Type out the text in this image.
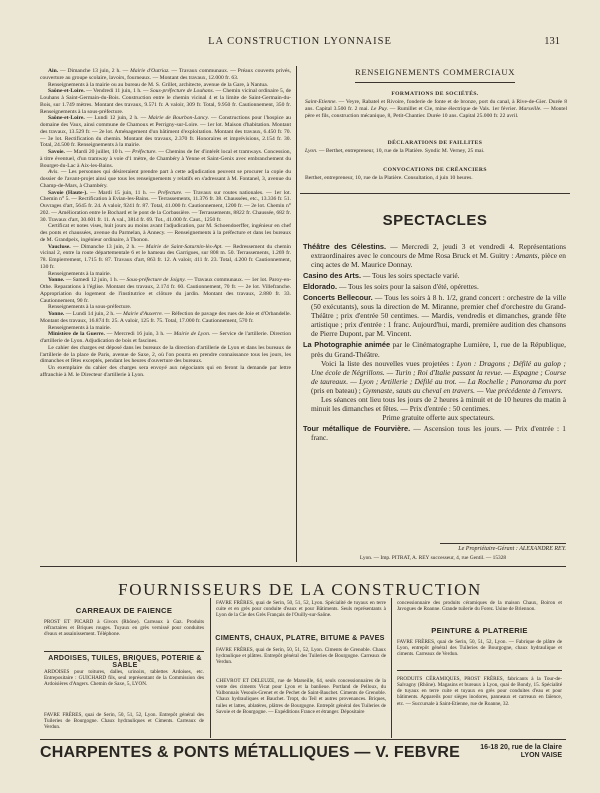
LA CONSTRUCTION LYONNAISE	131

Ain. — Dimanche 13 juin, 2 h. — Mairie d'Outriaz. — Travaux communaux. — Préaux couverts privés, couverture au groupe scolaire, lavoirs, fourneaux. — Montant des travaux, 12.000 fr. 63.

Renseignements à la mairie ou au bureau de M. S. Grillet, architecte, avenue de la Gare, à Nantua.

Saône-et-Loire. — Vendredi 11 juin, 1 h. — Sous-préfecture de Louhans. — Chemin vicinal ordinaire 5, de Louhans à Saint-Germain-du-Bois. Construction entre le chemin vicinal 4 et la limite de Saint-Germain-du-Bois, sur 1.749 mètres. Montant des travaux, 9.571 fr. A valoir, 309 fr. Total, 9.950 fr. Cautionnement, 350 fr. Renseignements à la sous-préfecture.

Saône-et-Loire. — Lundi 12 juin, 2 h. — Mairie de Bourbon-Lancy. — Constructions pour l'hospice au domaine des Vaux, ainsi commune de Chamoux et Perrigny-sur-Loire. — 1er lot. Maison d'habitation. Montant des travaux, 13.529 fr. — 2e lot. Aménagement d'un bâtiment d'exploitation. Montant des travaux, 6.450 fr. 70. — 3e lot. Rectification du chemin. Montant des travaux, 2.370 fr. Honoraires et imprévisions, 2.154 fr. 30. Total, 24.500 fr. Renseignements à la mairie.

Savoie. — Mardi 20 juillet, 10 h. — Préfecture. — Chemins de fer d'intérêt local et tramways. Concession, à titre éventuel, d'un tramway à voie d'1 mètre, de Chambéry à Yenne et Saint-Genix avec embranchement du Bourget-du-Lac à Aix-les-Bains.

Avis. — Les personnes qui désireraient prendre part à cette adjudication peuvent se procurer la copie du dossier de l'avant-projet ainsi que tous les renseignements y relatifs en s'adressant à M. Fontanel, 3, avenue du Champ-de-Mars, à Chambéry.

Savoie (Haute-). — Mardi 15 juin, 11 h. — Préfecture. — Travaux sur routes nationales. — 1er lot. Chemin n° 5. — Rectification à Evian-les-Bains. — Terrassements, 11.376 fr. 38. Chaussées, etc., 13.336 fr. 51. Ouvrages d'art, 5645 fr. 24. A valoir, 9241 fr. 87. Total, 41.000 fr. Cautionnement, 1200 fr. — 2e lot. Chemin n° 202. — Amélioration entre le Bochard et le pont de la Corbassière. — Terrassements, 8822 fr. Chaussée, 682 fr. 30. Travaux d'art, 30.601 fr. 11. A val., 3814 fr. 69. Tot., 41.000 fr. Caut., 1250 fr.

Certificat et notes vises, huit jours au moins avant l'adjudication, par M. Schoendoerffer, ingénieur en chef des ponts et chaussées, avenue du Parmelan, à Annecy. — Renseignements à la préfecture et dans les bureaux de M. Grandpeix, ingénieur ordinaire, à Thonon.

Vaucluse. — Dimanche 13 juin, 2 h. — Mairie de Saint-Saturnin-lès-Apt. — Redressement du chemin vicinal 2, entre la route départementale 6 et le hameau des Garrigues, sur 808 m. 50. Terrassements, 1.269 fr. 78. Empierrement, 1.715 fr. 87. Travaux d'art, 863 fr. 12. A valoir, 411 fr. 23. Total, 4.200 fr. Cautionnement, 130 fr.

Renseignements à la mairie.

Yonne. — Samedi 12 juin, 1 h. — Sous-préfecture de Joigny. — Travaux communaux. — 1er lot. Paroy-en-Othe. Reparations à l'église. Montant des travaux, 2.174 fr. 60. Cautionnement, 70 fr. — 2e lot. Villefranche. Appropriation du logement de l'institutrice et clôture du jardin. Montant des travaux, 2.880 fr. 33. Cautionnement, 90 fr.

Renseignements à la sous-préfecture.

Yonne. — Lundi 14 juin, 2 h. — Mairie d'Auxerre. — Réfection de pavage des rues de Joie et d'Orbandelle. Montant des travaux, 16.874 fr. 25. A valoir, 125 fr. 75. Total, 17.000 fr. Cautionnement, 570 fr.

Renseignements à la mairie.

Ministère de la Guerre. — Mercredi 16 juin, 3 h. — Mairie de Lyon. — Service de l'artillerie. Direction d'artillerie de Lyon. Adjudication de bois et fascines.

Le cahier des charges est déposé dans les bureaux de la direction d'artillerie de Lyon et dans les bureaux de l'artillerie de la place de Paris, avenue de Saxe, 2, où l'on pourra en prendre connaissance tous les jours, les dimanches et fêtes exceptés, pendant les heures d'ouverture des bureaux.

Un exemplaire du cahier des charges sera envoyé aux négociants qui en feront la demande par lettre affranchie à M. le Directeur d'artillerie à Lyon.

RENSEIGNEMENTS COMMERCIAUX
FORMATIONS DE SOCIÉTÉS.
Saint-Etienne. — Veyre, Rabatel et Rivoire, fonderie de fonte et de bronze, port du canal, à Rive-de-Gier. Durée 8 ans. Capital 3.500 fr. 2 mai. Le Puy. — Rumillet et Cie, mine électrique de Vals. 1er février. Marseille. — Montel père et fils, construction mécanique, 8, Petit-Chantier. Durée 10 ans. Capital 25.000 fr. 22 avril.
DÉCLARATIONS DE FAILLITES
Lyon. — Berthet, entrepreneur, 10, rue de la Platière. Syndic M. Verney, 25 mai.
CONVOCATIONS DE CRÉANCIERS
Berthet, entrepreneur, 10, rue de la Platière. Consultation, 4 juin 10 heures.
SPECTACLES

Théâtre des Célestins. — Mercredi 2, jeudi 3 et vendredi 4. Représentations extraordinaires avec le concours de Mme Rosa Bruck et M. Guitry : Amants, pièce en cinq actes de M. Maurice Donnay.

Casino des Arts. — Tous les soirs spectacle varié.

Eldorado. — Tous les soirs pour la saison d'été, opérettes.

Concerts Bellecour. — Tous les soirs à 8 h. 1/2, grand concert : orchestre de la ville (50 exécutants), sous la direction de M. Miranne, premier chef d'orchestre du Grand-Théâtre ; prix d'entrée 50 centimes. — Mardis, vendredis et dimanches, grande fête artistique ; prix d'entrée : 1 franc. Aujourd'hui, mardi, première audition des chansons de Pierre Dupont, par M. Vincent.

La Photographie animée par le Cinématographe Lumière, 1, rue de la République, près du Grand-Théâtre.

Voici la liste des nouvelles vues projetées : Lyon : Dragons ; Défilé au galop ; Une école de Négrillons. — Turin ; Roi d'Italie passant la revue. — Espagne ; Course de taureaux. — Lyon ; Artillerie ; Défilé au trot. — La Rochelle ; Panorama du port (pris en bateau) ; Gymnaste, sauts au cheval en travers. — Vue précédente à l'envers.

Les séances ont lieu tous les jours de 2 heures à minuit et de 10 heures du matin à minuit les dimanches et fêtes. — Prix d'entrée : 50 centimes.

Prime gratuite offerte aux spectateurs.

Tour métallique de Fourvière. — Ascension tous les jours. — Prix d'entrée : 1 franc.

Le Propriétaire-Gérant : ALEXANDRE REY.
Lyon. — Imp. PITRAT, A. REY successeur, 4, rue Gentil. — 15328
FOURNISSEURS DE LA CONSTRUCTION
CARREAUX DE FAIENCE
PROST ET PICARD à Givors (Rhône). Carreaux à Gaz. Produits réfractaires et Briques rouges. Tuyaux en grès vernissé pour conduites d'eaux et assainissement. Téléphone.
ARDOISES, TUILES, BRIQUES, POTERIE & SABLE
ARDOISES pour toitures, dalles, urinoirs, tablettes Ardoises, etc. Entrepositaire : GUICHARD fils, seul représentant de la Commission des Ardoisières d'Angers. Chemin de Saxe, 5, LYON.
FAVRE FRÈRES, quai de Serin, 50, 51, 52, Lyon. Entrepôt général des Tuileries de Bourgogne. Chaux hydrauliques et Ciments. Carreaux de Verdun.
FAVRE FRÈRES, quai de Serin, 50, 51, 52, Lyon. Spécialité de tuyaux en terre cuite et en grès pour conduite d'eaux et pour Bâtiments. Seuls représentants à Lyon de la Cie des Grès Français de l'Ouilly-sur-Saône.
CIMENTS, CHAUX, PLATRE, BITUME & PAVES
FAVRE FRÈRES, quai de Serin, 50, 51, 52, Lyon. Ciments de Grenoble. Chaux hydraulique et plâtres. Entrepôt général des Tuileries de Bourgogne. Carreaux de Verdun.
CHEVROT ET DELEUZE, rue de Marseille, 64, seuls concessionnaires de la vente des ciments Vicat pour Lyon et la banlieue. Portland de Pelloux, du Valbonnais Vesouls-Grenet et de Pechet de Saint-Bauchet. Ciments de Grenoble. Chaux hydrauliques et Bauchet. Tropt, du Teil et autres provenances. Briques, tuiles et lattes, ablatères, plâtres de Bourgogne. Entrepôt général des Tuileries de Savoie et de Bourgogne. — Expéditions France et étranger. Dépositaire
concessionnaire des produits céramiques de la maison Chaux, Boiron et Javogues de Roanne. Grande tuilerie du Forez. Usine de Briennon.
PEINTURE & PLATRERIE
FAVRE FRÈRES, quai de Serin, 50, 51, 52, Lyon. — Fabrique de plâtre de Lyon, entrepôt général des Tuileries de Bourgogne, chaux hydraulique et ciments. Carreaux de Verdun.
PRODUITS CÉRAMIQUES, PROST FRÈRES, fabricants à la Tour-de-Salvagny (Rhône). Magasins et bureaux à Lyon, quai de Bondy, 15. Spécialité de tuyaux en terre cuite et tuyaux en grès pour conduites d'eau et pour bâtiments. Appareils pour sièges inodores, panneaux et carreaux en faïence, etc. — Succursale à Saint-Etienne, rue de Roanne, 32.
CHARPENTES & PONTS MÉTALLIQUES — V. FEBVRE	16-18 20, rue de la Claire
LYON VAISE
